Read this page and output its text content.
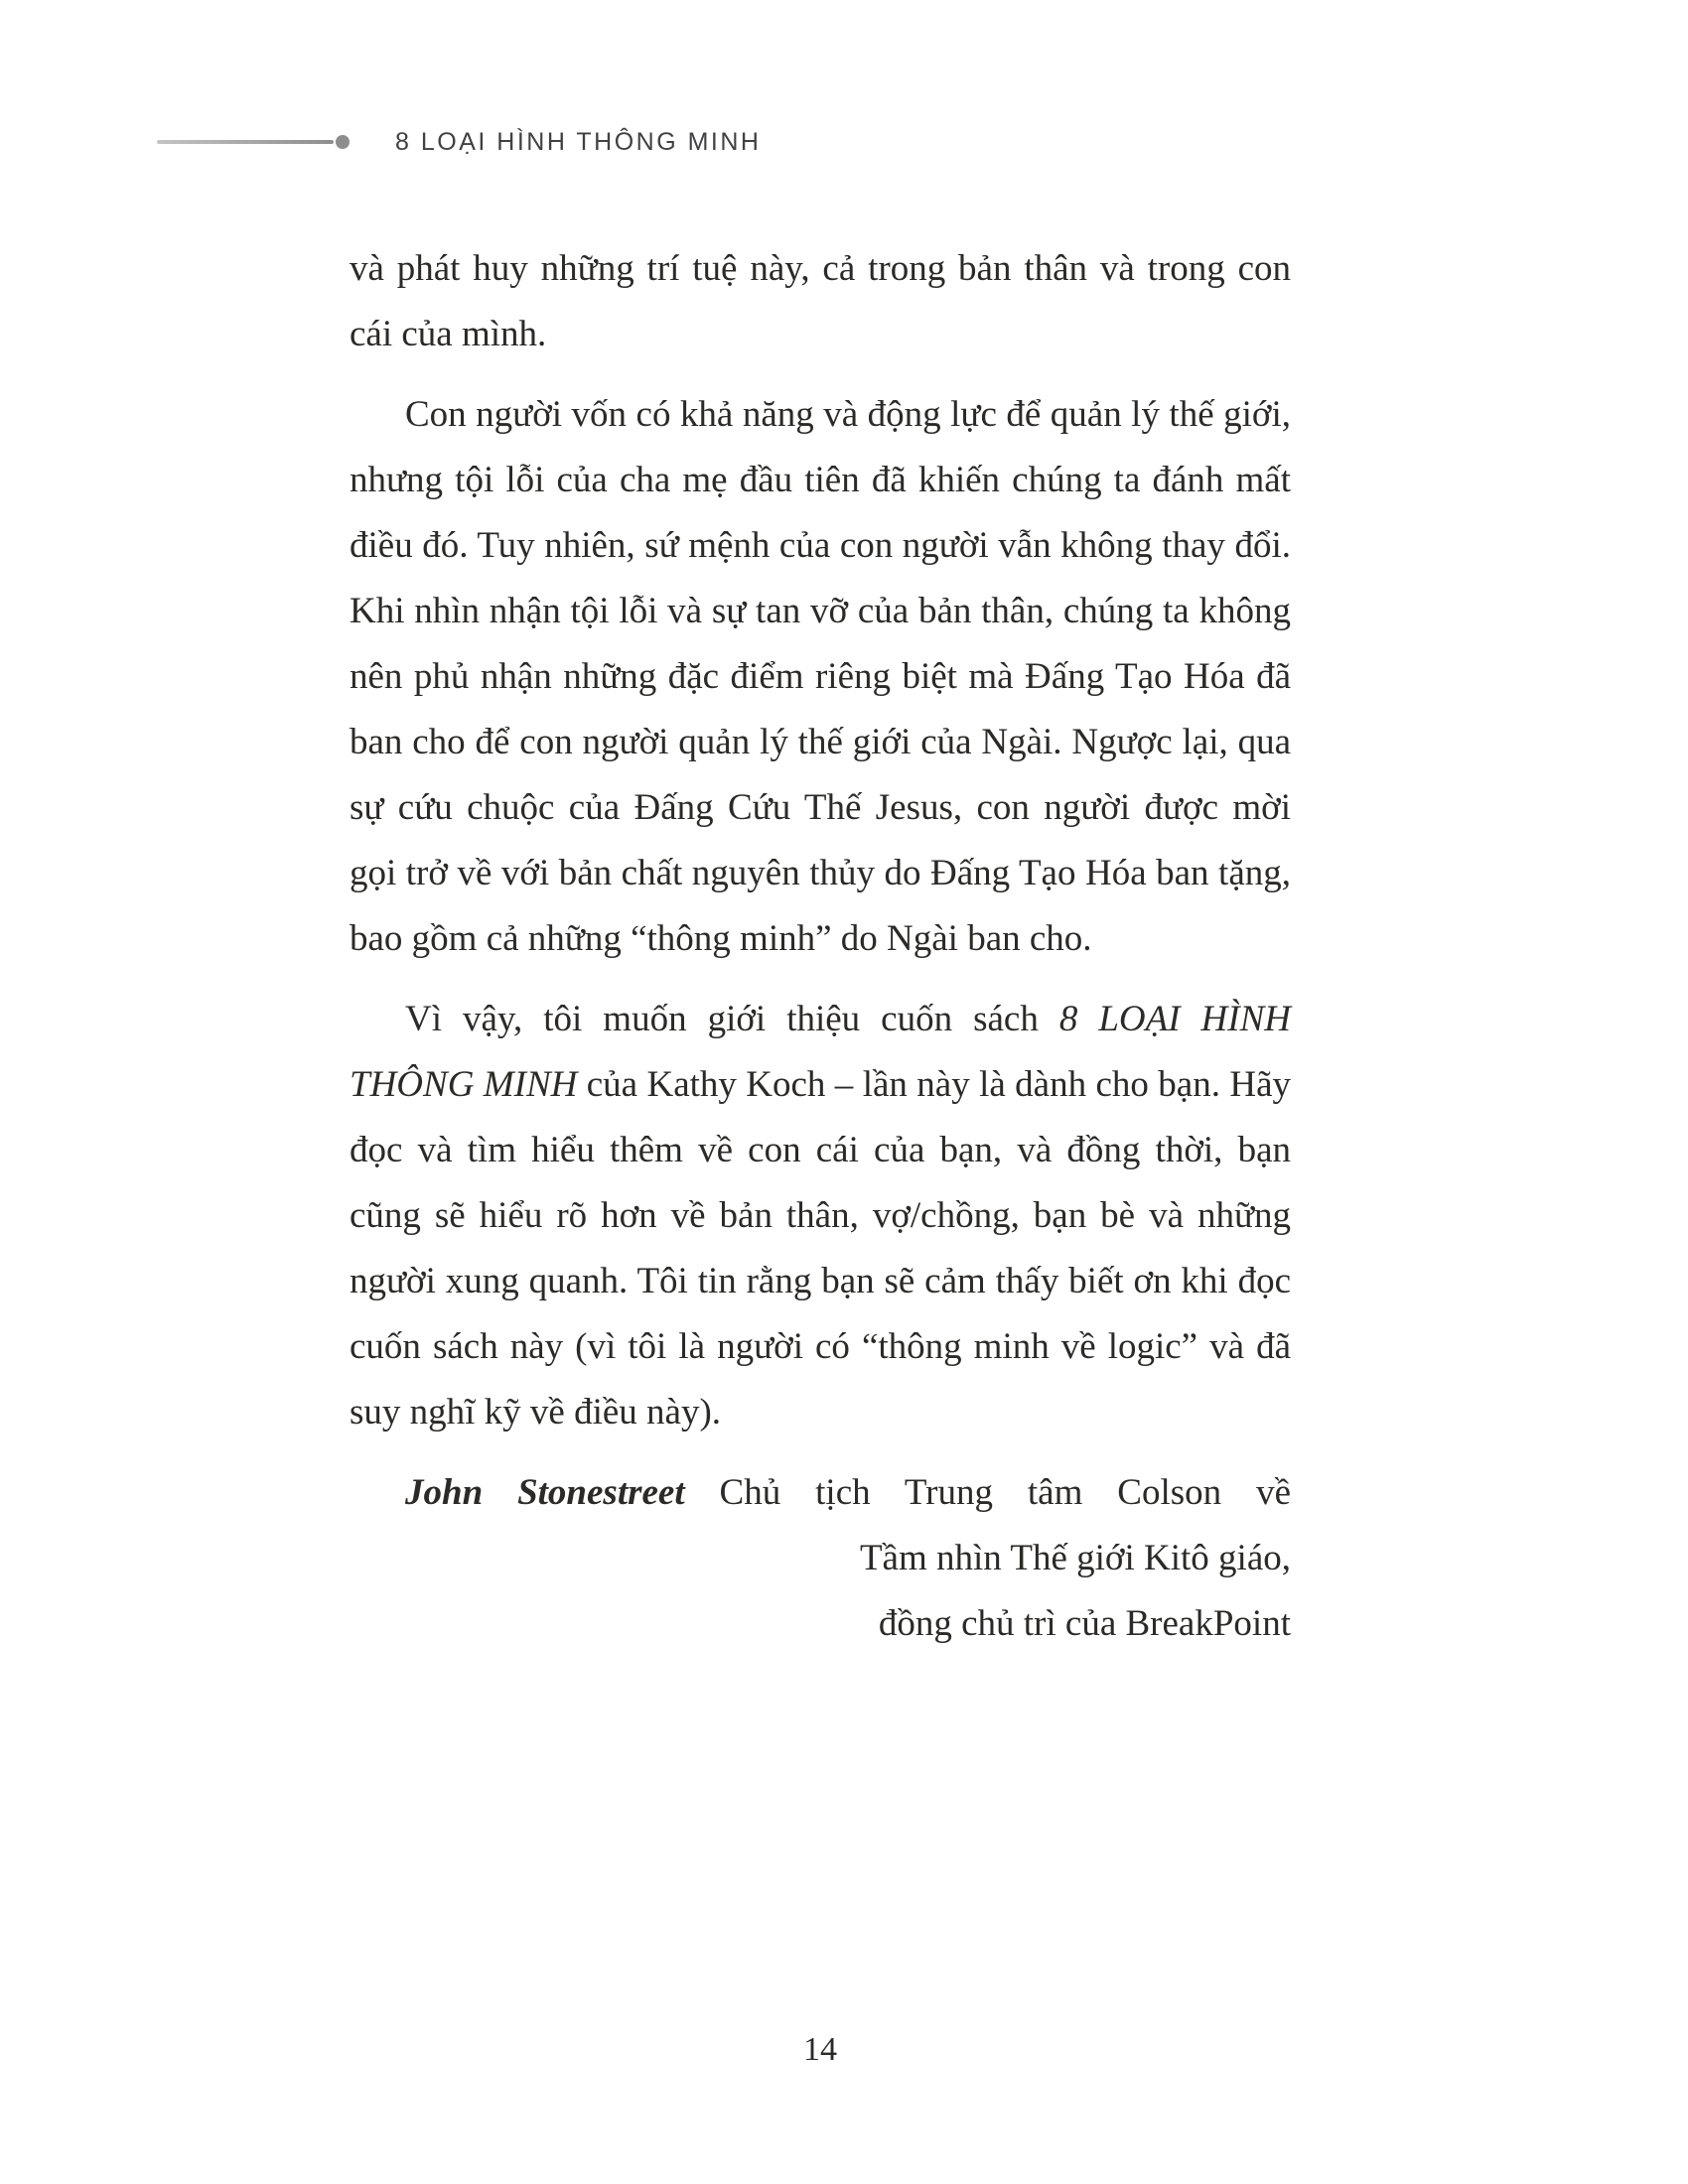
8 LOẠI HÌNH THÔNG MINH

và phát huy những trí tuệ này, cả trong bản thân và trong con cái của mình.

Con người vốn có khả năng và động lực để quản lý thế giới, nhưng tội lỗi của cha mẹ đầu tiên đã khiến chúng ta đánh mất điều đó. Tuy nhiên, sứ mệnh của con người vẫn không thay đổi. Khi nhìn nhận tội lỗi và sự tan vỡ của bản thân, chúng ta không nên phủ nhận những đặc điểm riêng biệt mà Đấng Tạo Hóa đã ban cho để con người quản lý thế giới của Ngài. Ngược lại, qua sự cứu chuộc của Đấng Cứu Thế Jesus, con người được mời gọi trở về với bản chất nguyên thủy do Đấng Tạo Hóa ban tặng, bao gồm cả những “thông minh” do Ngài ban cho.

Vì vậy, tôi muốn giới thiệu cuốn sách 8 LOẠI HÌNH THÔNG MINH của Kathy Koch – lần này là dành cho bạn. Hãy đọc và tìm hiểu thêm về con cái của bạn, và đồng thời, bạn cũng sẽ hiểu rõ hơn về bản thân, vợ/chồng, bạn bè và những người xung quanh. Tôi tin rằng bạn sẽ cảm thấy biết ơn khi đọc cuốn sách này (vì tôi là người có “thông minh về logic” và đã suy nghĩ kỹ về điều này).

John Stonestreet Chủ tịch Trung tâm Colson về

Tầm nhìn Thế giới Kitô giáo,

đồng chủ trì của BreakPoint

14
